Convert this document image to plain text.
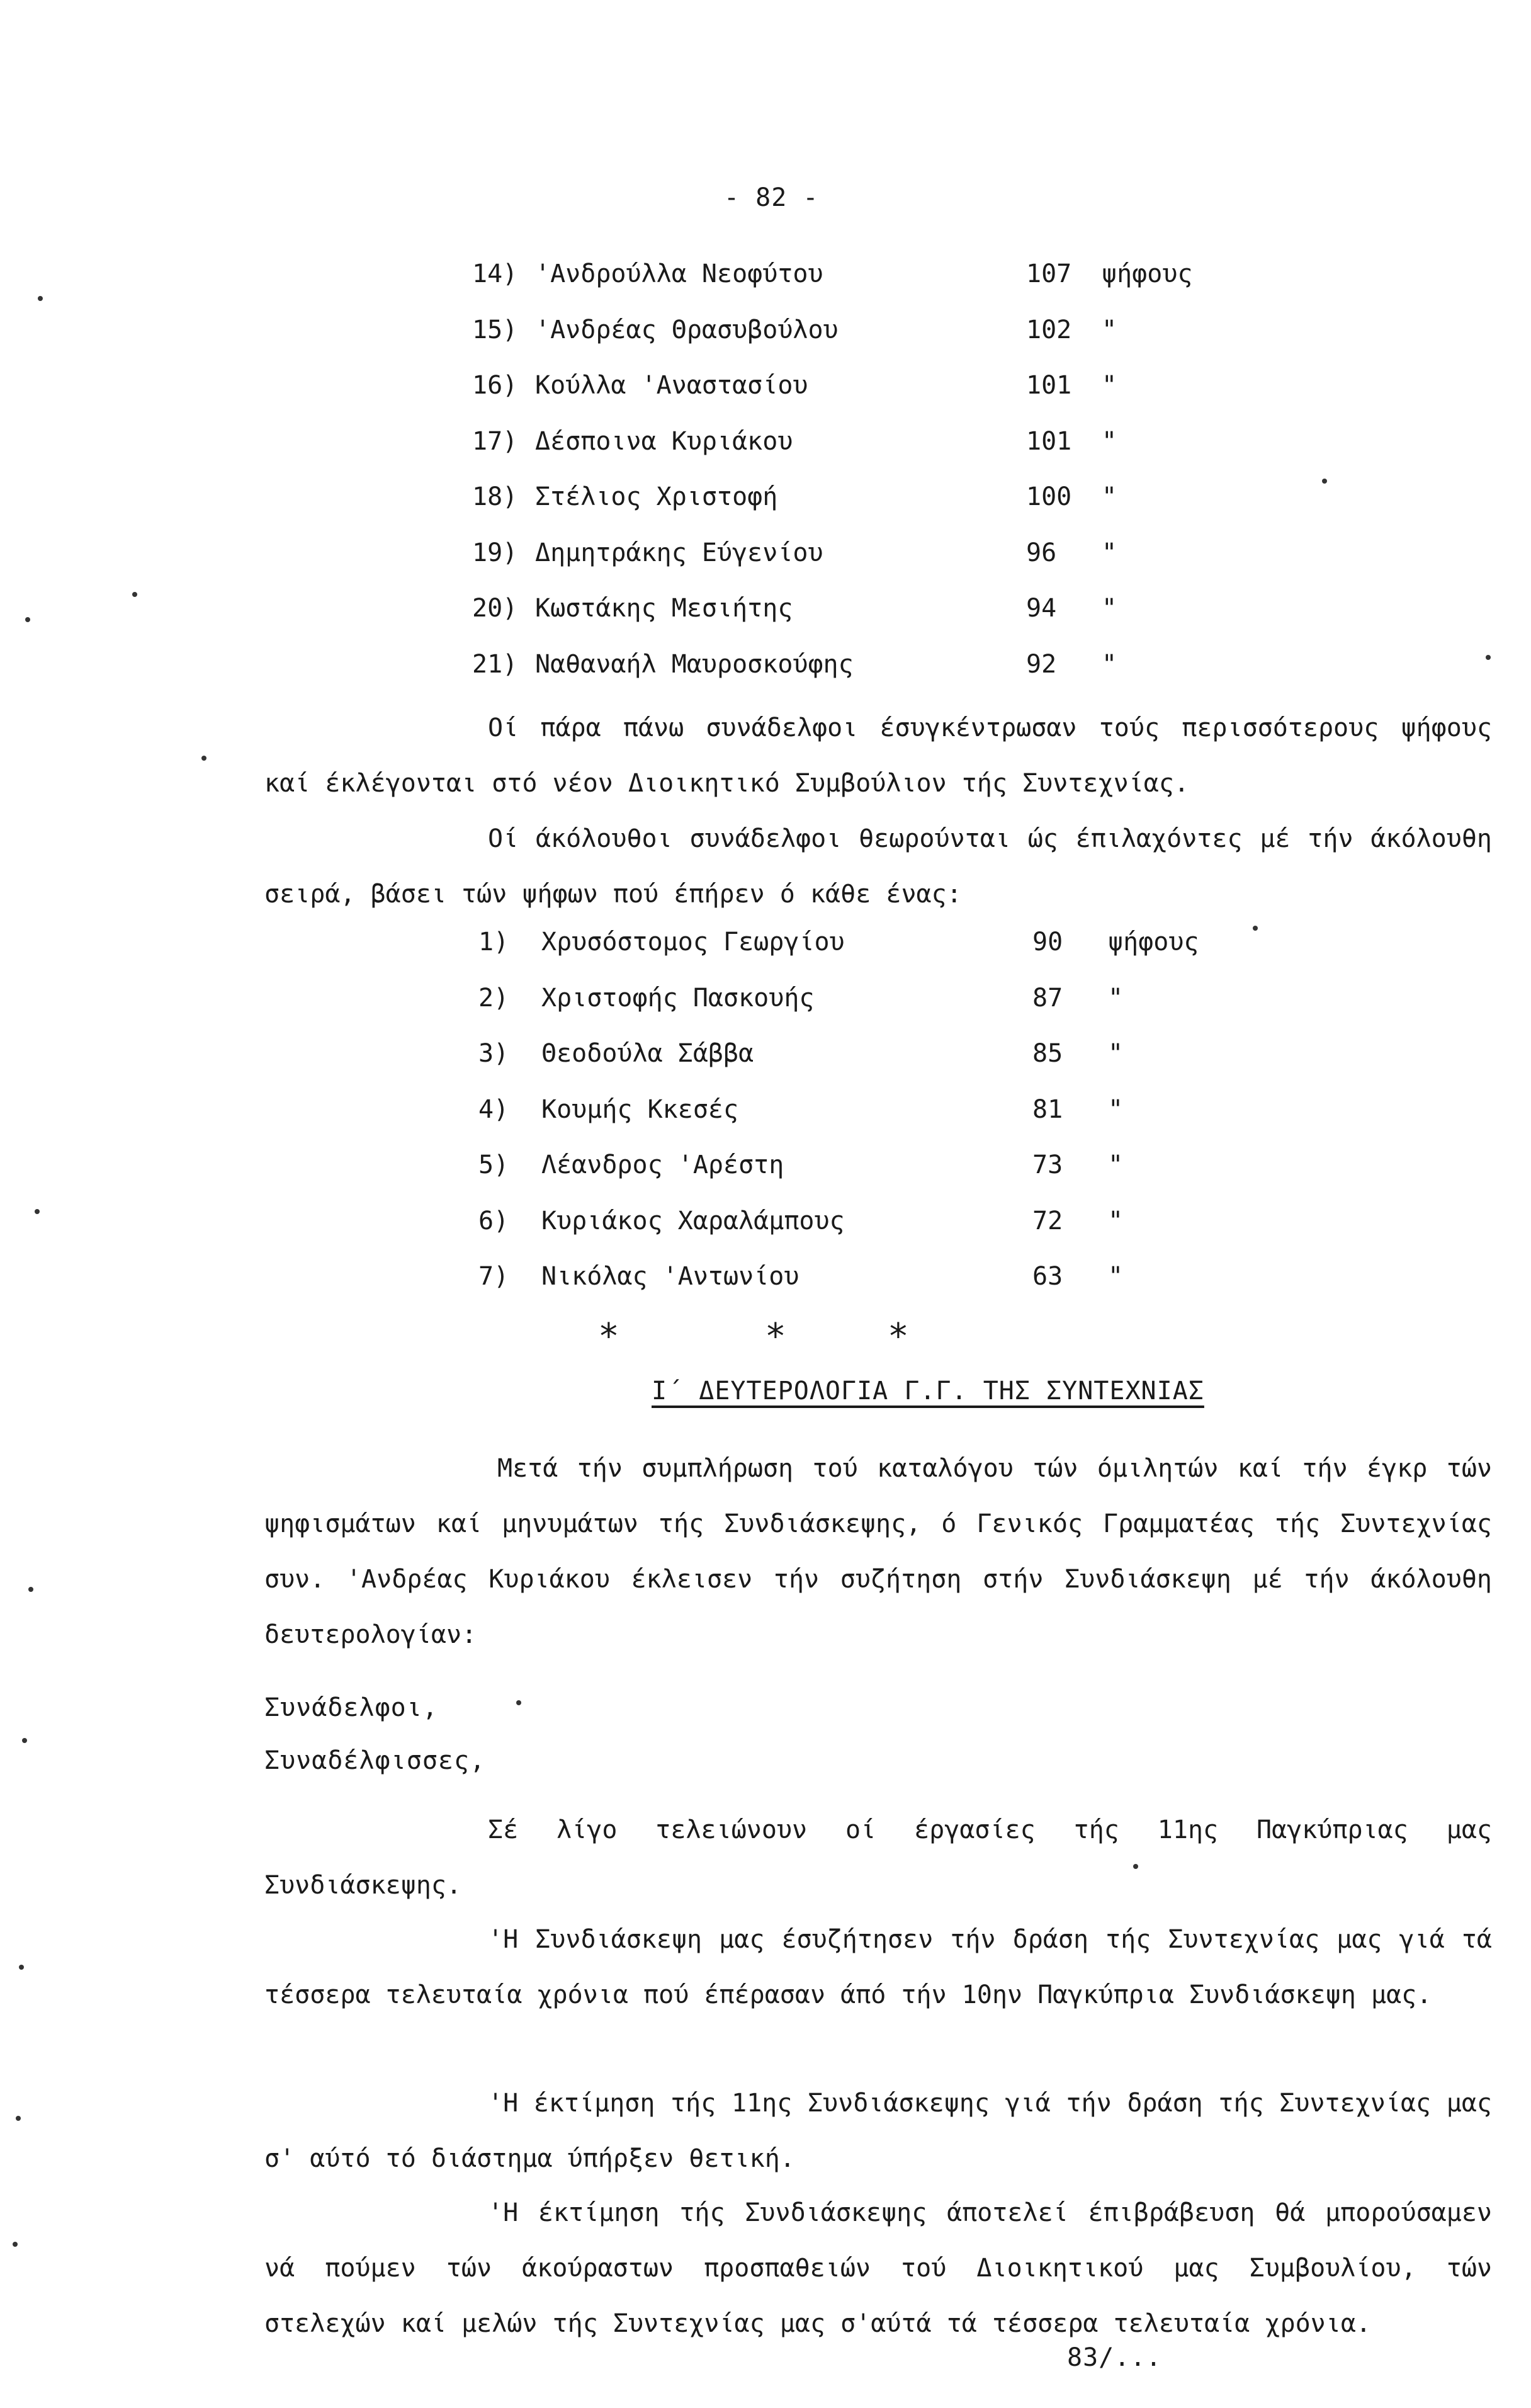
- 82 -
14) 'Ανδρούλλα Νεοφύτου	107 ψήφους
15) 'Ανδρέας Θρασυβούλου	102 "
16) Κούλλα 'Αναστασίου	101 "
17) Δέσποινα Κυριάκου	101 "
18) Στέλιος Χριστοφή	100 "
19) Δημητράκης Εύγενίου	96 "
20) Κωστάκης Μεσιήτης	94 "
21) Ναθαναήλ Μαυροσκούφης	92 "
Οί πάρα πάνω συνάδελφοι έσυγκέντρωσαν τούς περισσότερους ψήφους καί έκλέγονται στό νέον Διοικητικό Συμβούλιον τής Συντεχνίας.
Οί άκόλουθοι συνάδελφοι θεωρούνται ώς έπιλαχόντες μέ τήν άκόλουθη σειρά, βάσει τών ψήφων πού έπήρεν ό κάθε ένας:
1) Χρυσόστομος Γεωργίου	90 ψήφους
2) Χριστοφής Πασκουής	87 "
3) Θεοδούλα Σάββα	85 "
4) Κουμής Κκεσές	81 "
5) Λέανδρος 'Αρέστη	73 "
6) Κυριάκος Χαραλάμπους	72 "
7) Νικόλας 'Αντωνίου	63 "
*	*	*
Ι΄ ΔΕΥΤΕΡΟΛΟΓΙΑ Γ.Γ. ΤΗΣ ΣΥΝΤΕΧΝΙΑΣ
Μετά τήν συμπλήρωση τού καταλόγου τών όμιλητών καί τήν έγκρ τών ψηφισμάτων καί μηνυμάτων τής Συνδιάσκεψης, ό Γενικός Γραμματέας τής Συντεχνίας συν. 'Ανδρέας Κυριάκου έκλεισεν τήν συζήτηση στήν Συνδιάσκεψη μέ τήν άκόλουθη δευτερολογίαν:
Συνάδελφοι,
Συναδέλφισσες,
Σέ λίγο τελειώνουν οί έργασίες τής 11ης Παγκύπριας μας Συνδιάσκεψης.
'Η Συνδιάσκεψη μας έσυζήτησεν τήν δράση τής Συντεχνίας μας γιά τά τέσσερα τελευταία χρόνια πού έπέρασαν άπό τήν 10ην Παγκύπρια Συνδιάσκεψη μας.
'Η έκτίμηση τής 11ης Συνδιάσκεψης γιά τήν δράση τής Συντεχνίας μας σ' αύτό τό διάστημα ύπήρξεν θετική.
'Η έκτίμηση τής Συνδιάσκεψης άποτελεί έπιβράβευση θά μπορούσαμεν νά πούμεν τών άκούραστων προσπαθειών τού Διοικητικού μας Συμβουλίου, τών στελεχών καί μελών τής Συντεχνίας μας σ'αύτά τά τέσσερα τελευταία χρόνια.
83/...
